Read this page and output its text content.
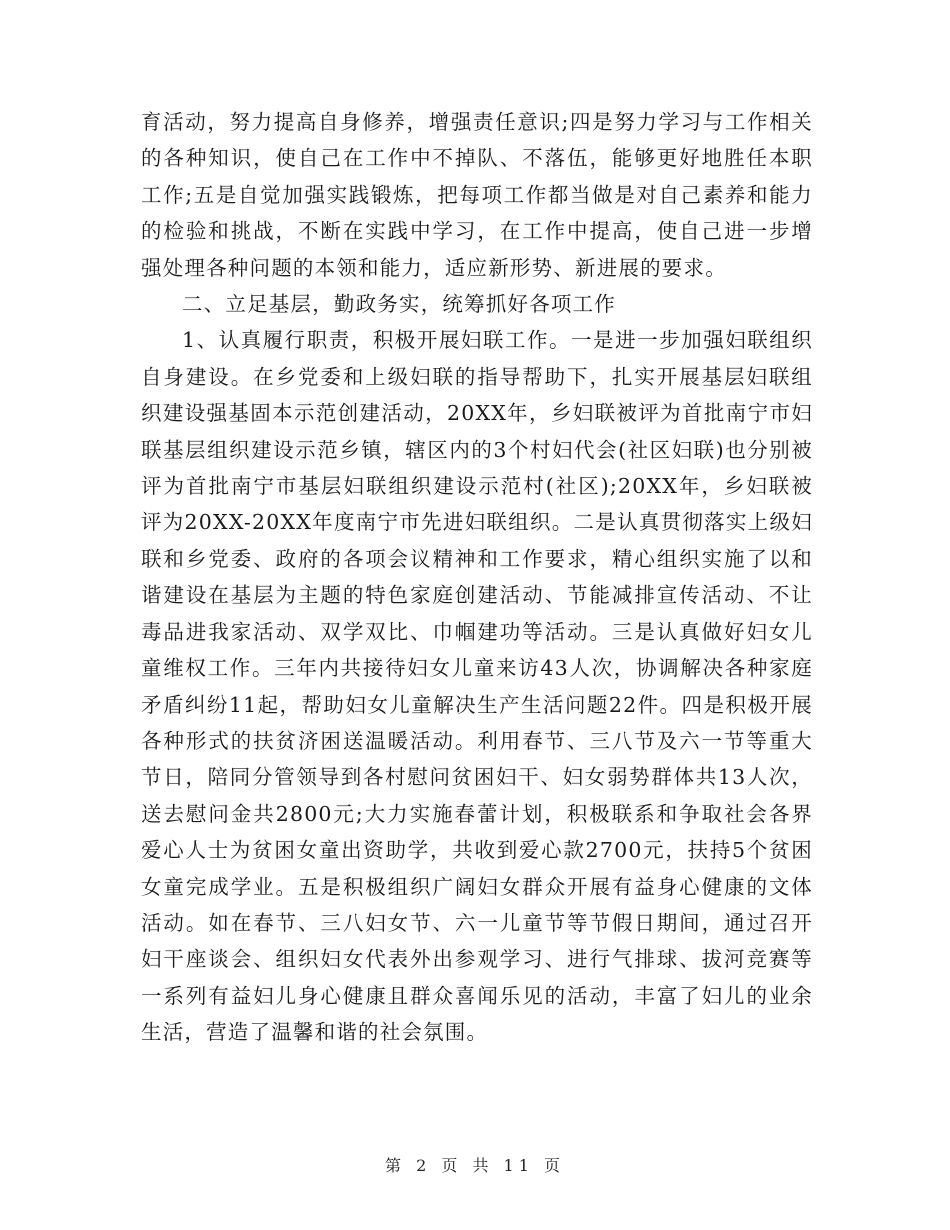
育活动，努力提高自身修养，增强责任意识;四是努力学习与工作相关的各种知识，使自己在工作中不掉队、不落伍，能够更好地胜任本职工作;五是自觉加强实践锻炼，把每项工作都当做是对自己素养和能力的检验和挑战，不断在实践中学习，在工作中提高，使自己进一步增强处理各种问题的本领和能力，适应新形势、新进展的要求。

二、立足基层，勤政务实，统筹抓好各项工作

1、认真履行职责，积极开展妇联工作。一是进一步加强妇联组织自身建设。在乡党委和上级妇联的指导帮助下，扎实开展基层妇联组织建设强基固本示范创建活动，20XX年，乡妇联被评为首批南宁市妇联基层组织建设示范乡镇，辖区内的3个村妇代会(社区妇联)也分别被评为首批南宁市基层妇联组织建设示范村(社区);20XX年，乡妇联被评为20XX-20XX年度南宁市先进妇联组织。二是认真贯彻落实上级妇联和乡党委、政府的各项会议精神和工作要求，精心组织实施了以和谐建设在基层为主题的特色家庭创建活动、节能减排宣传活动、不让毒品进我家活动、双学双比、巾帼建功等活动。三是认真做好妇女儿童维权工作。三年内共接待妇女儿童来访43人次，协调解决各种家庭矛盾纠纷11起，帮助妇女儿童解决生产生活问题22件。四是积极开展各种形式的扶贫济困送温暖活动。利用春节、三八节及六一节等重大节日，陪同分管领导到各村慰问贫困妇干、妇女弱势群体共13人次，送去慰问金共2800元;大力实施春蕾计划，积极联系和争取社会各界爱心人士为贫困女童出资助学，共收到爱心款2700元，扶持5个贫困女童完成学业。五是积极组织广阔妇女群众开展有益身心健康的文体活动。如在春节、三八妇女节、六一儿童节等节假日期间，通过召开妇干座谈会、组织妇女代表外出参观学习、进行气排球、拔河竞赛等一系列有益妇儿身心健康且群众喜闻乐见的活动，丰富了妇儿的业余生活，营造了温馨和谐的社会氛围。

第 2 页 共 11 页
